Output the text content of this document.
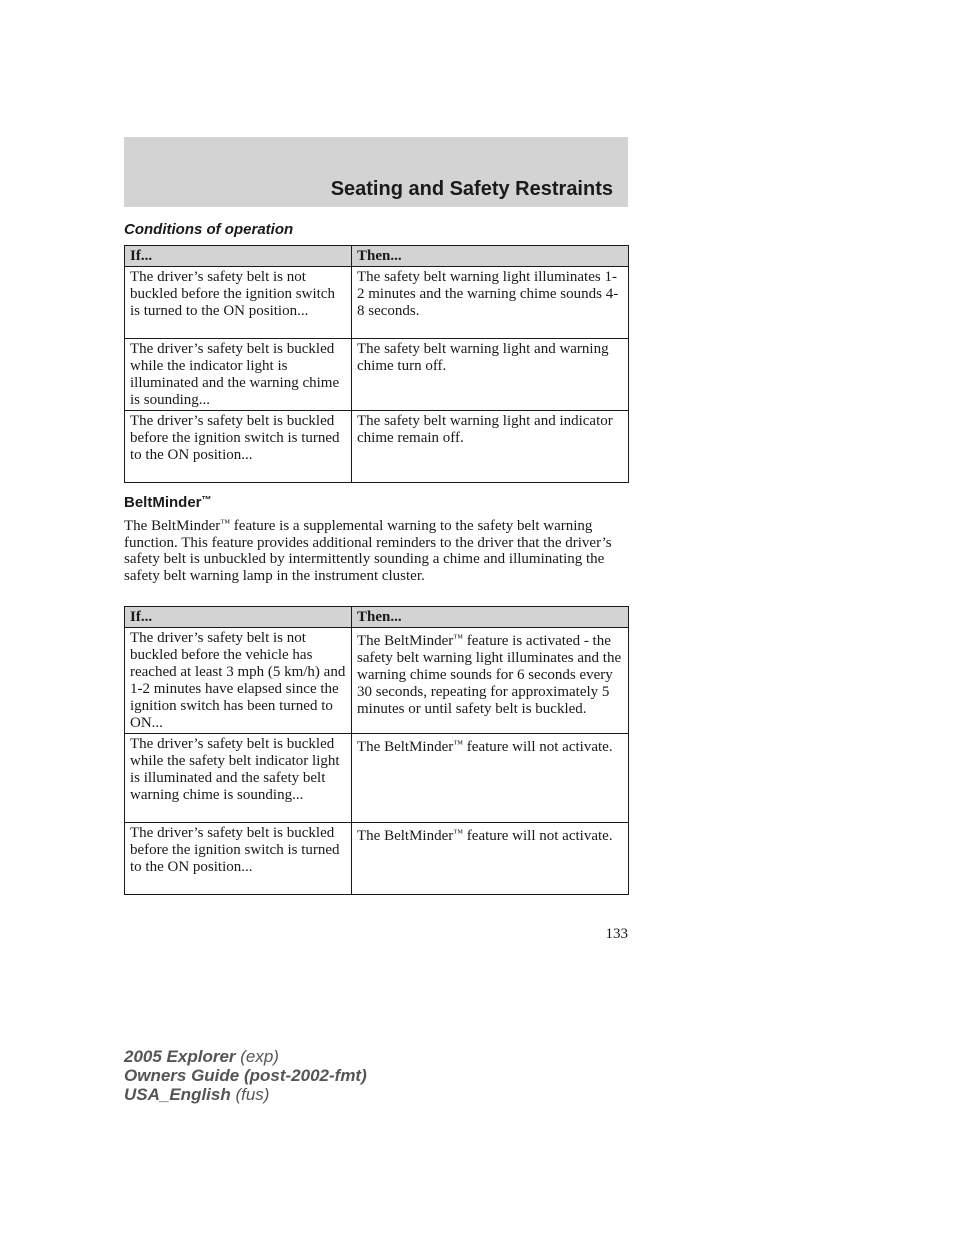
Seating and Safety Restraints
Conditions of operation
If...	Then...
The driver’s safety belt is not buckled before the ignition switch is turned to the ON position...	The safety belt warning light illuminates 1-2 minutes and the warning chime sounds 4-8 seconds.
The driver’s safety belt is buckled while the indicator light is illuminated and the warning chime is sounding...	The safety belt warning light and warning chime turn off.
The driver’s safety belt is buckled before the ignition switch is turned to the ON position...	The safety belt warning light and indicator chime remain off.
BeltMinder™
The BeltMinder™ feature is a supplemental warning to the safety belt warning function. This feature provides additional reminders to the driver that the driver’s safety belt is unbuckled by intermittently sounding a chime and illuminating the safety belt warning lamp in the instrument cluster.
If...	Then...
The driver’s safety belt is not buckled before the vehicle has reached at least 3 mph (5 km/h) and 1-2 minutes have elapsed since the ignition switch has been turned to ON...	The BeltMinder™ feature is activated - the safety belt warning light illuminates and the warning chime sounds for 6 seconds every 30 seconds, repeating for approximately 5 minutes or until safety belt is buckled.
The driver’s safety belt is buckled while the safety belt indicator light is illuminated and the safety belt warning chime is sounding...	The BeltMinder™ feature will not activate.
The driver’s safety belt is buckled before the ignition switch is turned to the ON position...	The BeltMinder™ feature will not activate.
133
2005 Explorer (exp)
Owners Guide (post-2002-fmt)
USA_English (fus)
